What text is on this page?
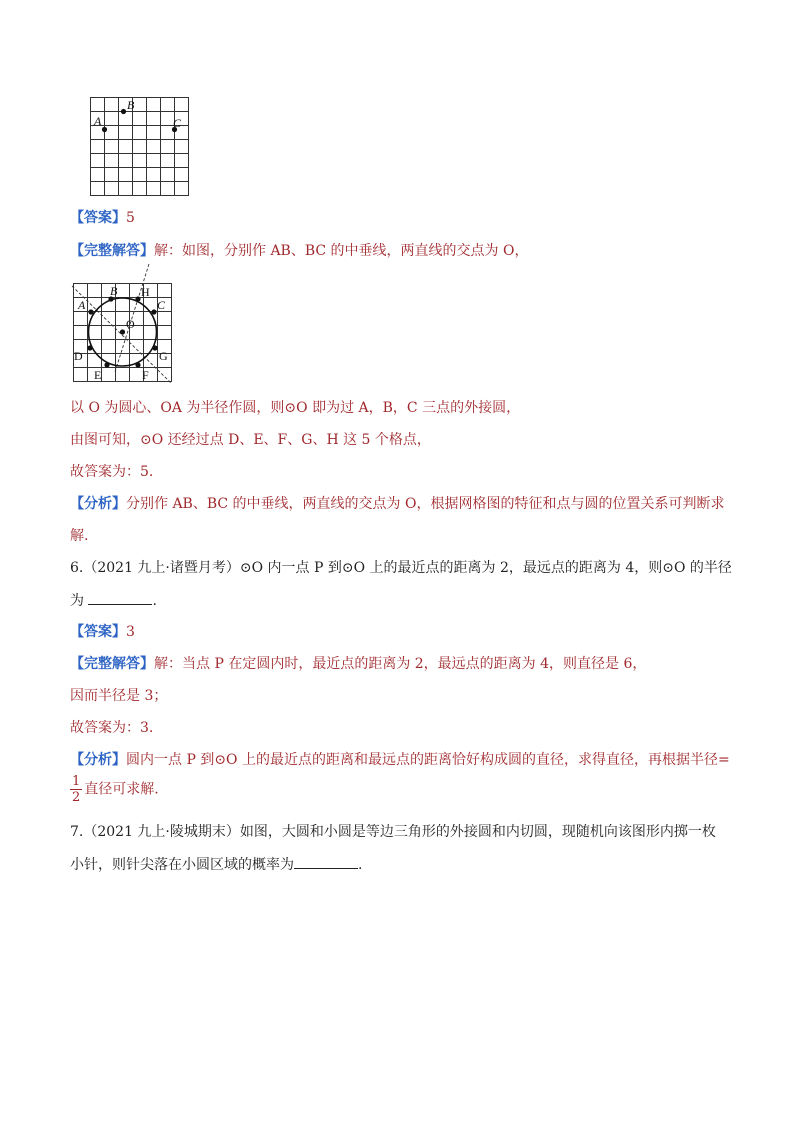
A
B
C
【答案】5
【完整解答】解：如图，分别作 AB、BC 的中垂线，两直线的交点为 O，
A
B H
C
O
D	G
E	F
以 O 为圆心、OA 为半径作圆，则⊙O 即为过 A，B，C 三点的外接圆，
由图可知，⊙O 还经过点 D、E、F、G、H 这 5 个格点，
故答案为：5.
【分析】分别作 AB、BC 的中垂线，两直线的交点为 O，根据网格图的特征和点与圆的位置关系可判断求
解.
6.（2021 九上·诸暨月考）⊙O 内一点 P 到⊙O 上的最近点的距离为 2，最远点的距离为 4，则⊙O 的半径
为	.
【答案】3
【完整解答】解：当点 P 在定圆内时，最近点的距离为 2，最远点的距离为 4，则直径是 6，
因而半径是 3；
故答案为：3.
【分析】圆内一点 P 到⊙O 上的最近点的距离和最远点的距离恰好构成圆的直径，求得直径，再根据半径=
$\frac{1}{2}$ 直径可求解.
7.（2021 九上·陵城期末）如图，大圆和小圆是等边三角形的外接圆和内切圆，现随机向该图形内掷一枚
小针，则针尖落在小圆区域的概率为	.
